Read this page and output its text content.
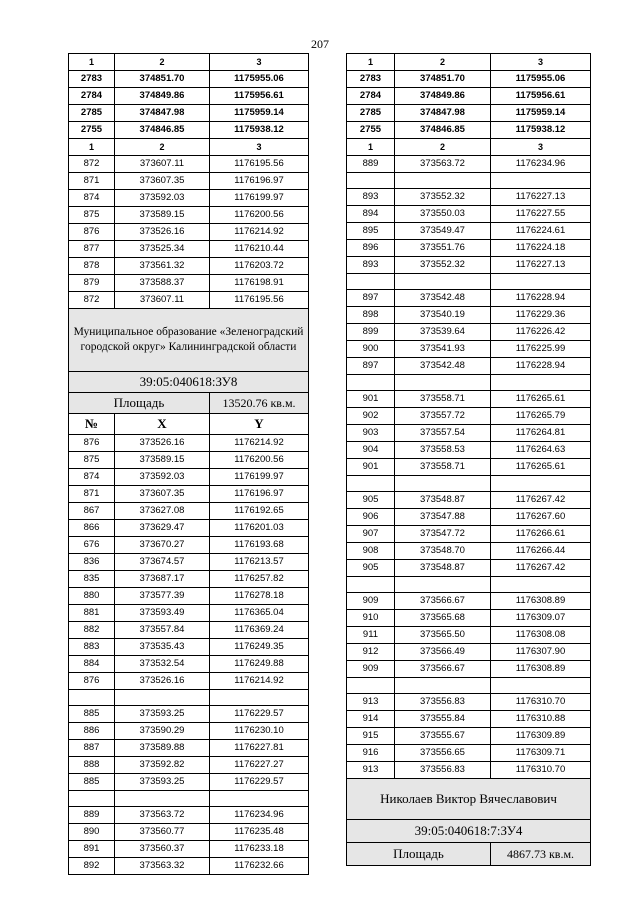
207
1	2	3
2783	374851.70	1175955.06
2784	374849.86	1175956.61
2785	374847.98	1175959.14
2755	374846.85	1175938.12
1	2	3
872	373607.11	1176195.56
871	373607.35	1176196.97
874	373592.03	1176199.97
875	373589.15	1176200.56
876	373526.16	1176214.92
877	373525.34	1176210.44
878	373561.32	1176203.72
879	373588.37	1176198.91
872	373607.11	1176195.56
Муниципальное образование «Зеленоградский городской округ» Калининградской области		
39:05:040618:ЗУ8		
Площадь		13520.76 кв.м.
№	X	Y
876	373526.16	1176214.92
875	373589.15	1176200.56
874	373592.03	1176199.97
871	373607.35	1176196.97
867	373627.08	1176192.65
866	373629.47	1176201.03
676	373670.27	1176193.68
836	373674.57	1176213.57
835	373687.17	1176257.82
880	373577.39	1176278.18
881	373593.49	1176365.04
882	373557.84	1176369.24
883	373535.43	1176249.35
884	373532.54	1176249.88
876	373526.16	1176214.92

885	373593.25	1176229.57
886	373590.29	1176230.10
887	373589.88	1176227.81
888	373592.82	1176227.27
885	373593.25	1176229.57

889	373563.72	1176234.96
890	373560.77	1176235.48
891	373560.37	1176233.18
892	373563.32	1176232.66
1	2	3
2783	374851.70	1175955.06
2784	374849.86	1175956.61
2785	374847.98	1175959.14
2755	374846.85	1175938.12
1	2	3
889	373563.72	1176234.96

893	373552.32	1176227.13
894	373550.03	1176227.55
895	373549.47	1176224.61
896	373551.76	1176224.18
893	373552.32	1176227.13

897	373542.48	1176228.94
898	373540.19	1176229.36
899	373539.64	1176226.42
900	373541.93	1176225.99
897	373542.48	1176228.94

901	373558.71	1176265.61
902	373557.72	1176265.79
903	373557.54	1176264.81
904	373558.53	1176264.63
901	373558.71	1176265.61

905	373548.87	1176267.42
906	373547.88	1176267.60
907	373547.72	1176266.61
908	373548.70	1176266.44
905	373548.87	1176267.42

909	373566.67	1176308.89
910	373565.68	1176309.07
911	373565.50	1176308.08
912	373566.49	1176307.90
909	373566.67	1176308.89

913	373556.83	1176310.70
914	373555.84	1176310.88
915	373555.67	1176309.89
916	373556.65	1176309.71
913	373556.83	1176310.70
Николаев Виктор Вячеславович		
39:05:040618:7:ЗУ4		
Площадь		4867.73 кв.м.
